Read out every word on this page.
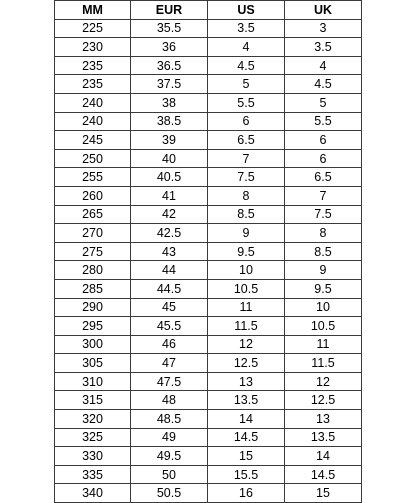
MM	EUR	US	UK
225	35.5	3.5	3
230	36	4	3.5
235	36.5	4.5	4
235	37.5	5	4.5
240	38	5.5	5
240	38.5	6	5.5
245	39	6.5	6
250	40	7	6
255	40.5	7.5	6.5
260	41	8	7
265	42	8.5	7.5
270	42.5	9	8
275	43	9.5	8.5
280	44	10	9
285	44.5	10.5	9.5
290	45	11	10
295	45.5	11.5	10.5
300	46	12	11
305	47	12.5	11.5
310	47.5	13	12
315	48	13.5	12.5
320	48.5	14	13
325	49	14.5	13.5
330	49.5	15	14
335	50	15.5	14.5
340	50.5	16	15
